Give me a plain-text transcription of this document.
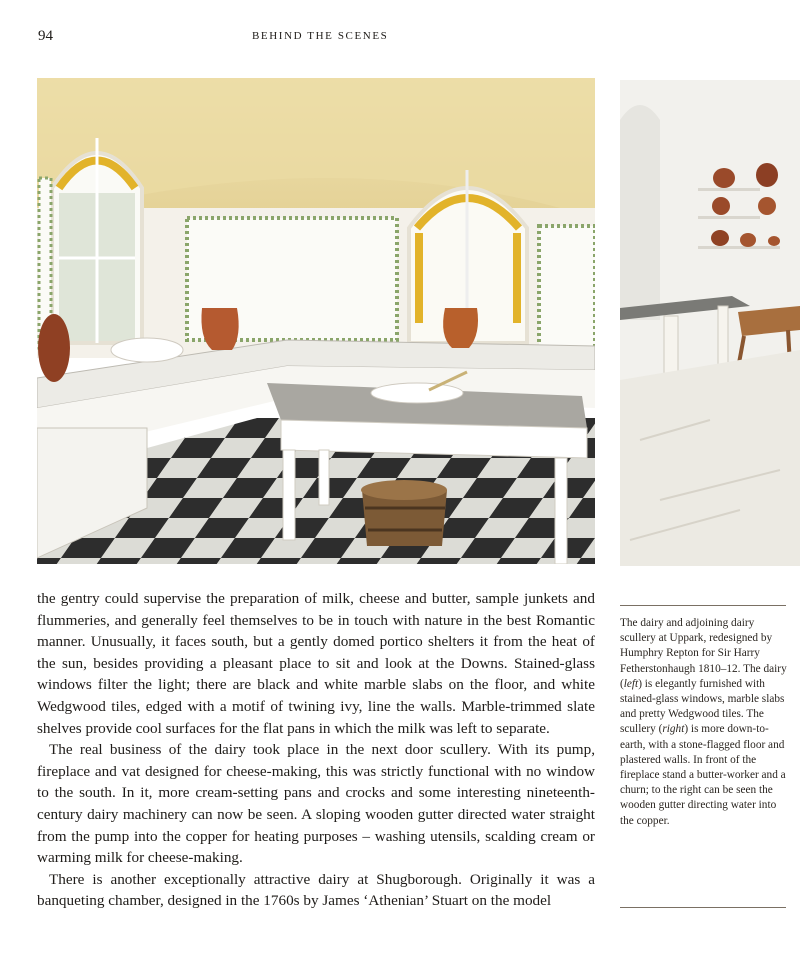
94	BEHIND THE SCENES

the gentry could supervise the preparation of milk, cheese and butter, sample junkets and flummeries, and generally feel themselves to be in touch with nature in the best Romantic manner. Unusually, it faces south, but a gently domed portico shelters it from the heat of the sun, besides providing a pleasant place to sit and look at the Downs. Stained-glass windows filter the light; there are black and white marble slabs on the floor, and white Wedgwood tiles, edged with a motif of twining ivy, line the walls. Marble-trimmed slate shelves provide cool surfaces for the flat pans in which the milk was left to separate.

The real business of the dairy took place in the next door scullery. With its pump, fireplace and vat designed for cheese-making, this was strictly functional with no window to the south. In it, more cream-setting pans and crocks and some interesting nineteenth-century dairy machinery can now be seen. A sloping wooden gutter directed water straight from the pump into the copper for heating purposes – washing utensils, scalding cream or warming milk for cheese-making.

There is another exceptionally attractive dairy at Shugborough. Originally it was a banqueting chamber, designed in the 1760s by James ‘Athenian’ Stuart on the model

The dairy and adjoining dairy scullery at Uppark, redesigned by Humphry Repton for Sir Harry Fetherstonhaugh 1810–12. The dairy (left) is elegantly furnished with stained-glass windows, marble slabs and pretty Wedgwood tiles. The scullery (right) is more down-to-earth, with a stone-flagged floor and plastered walls. In front of the fireplace stand a butter-worker and a churn; to the right can be seen the wooden gutter directing water into the copper.
